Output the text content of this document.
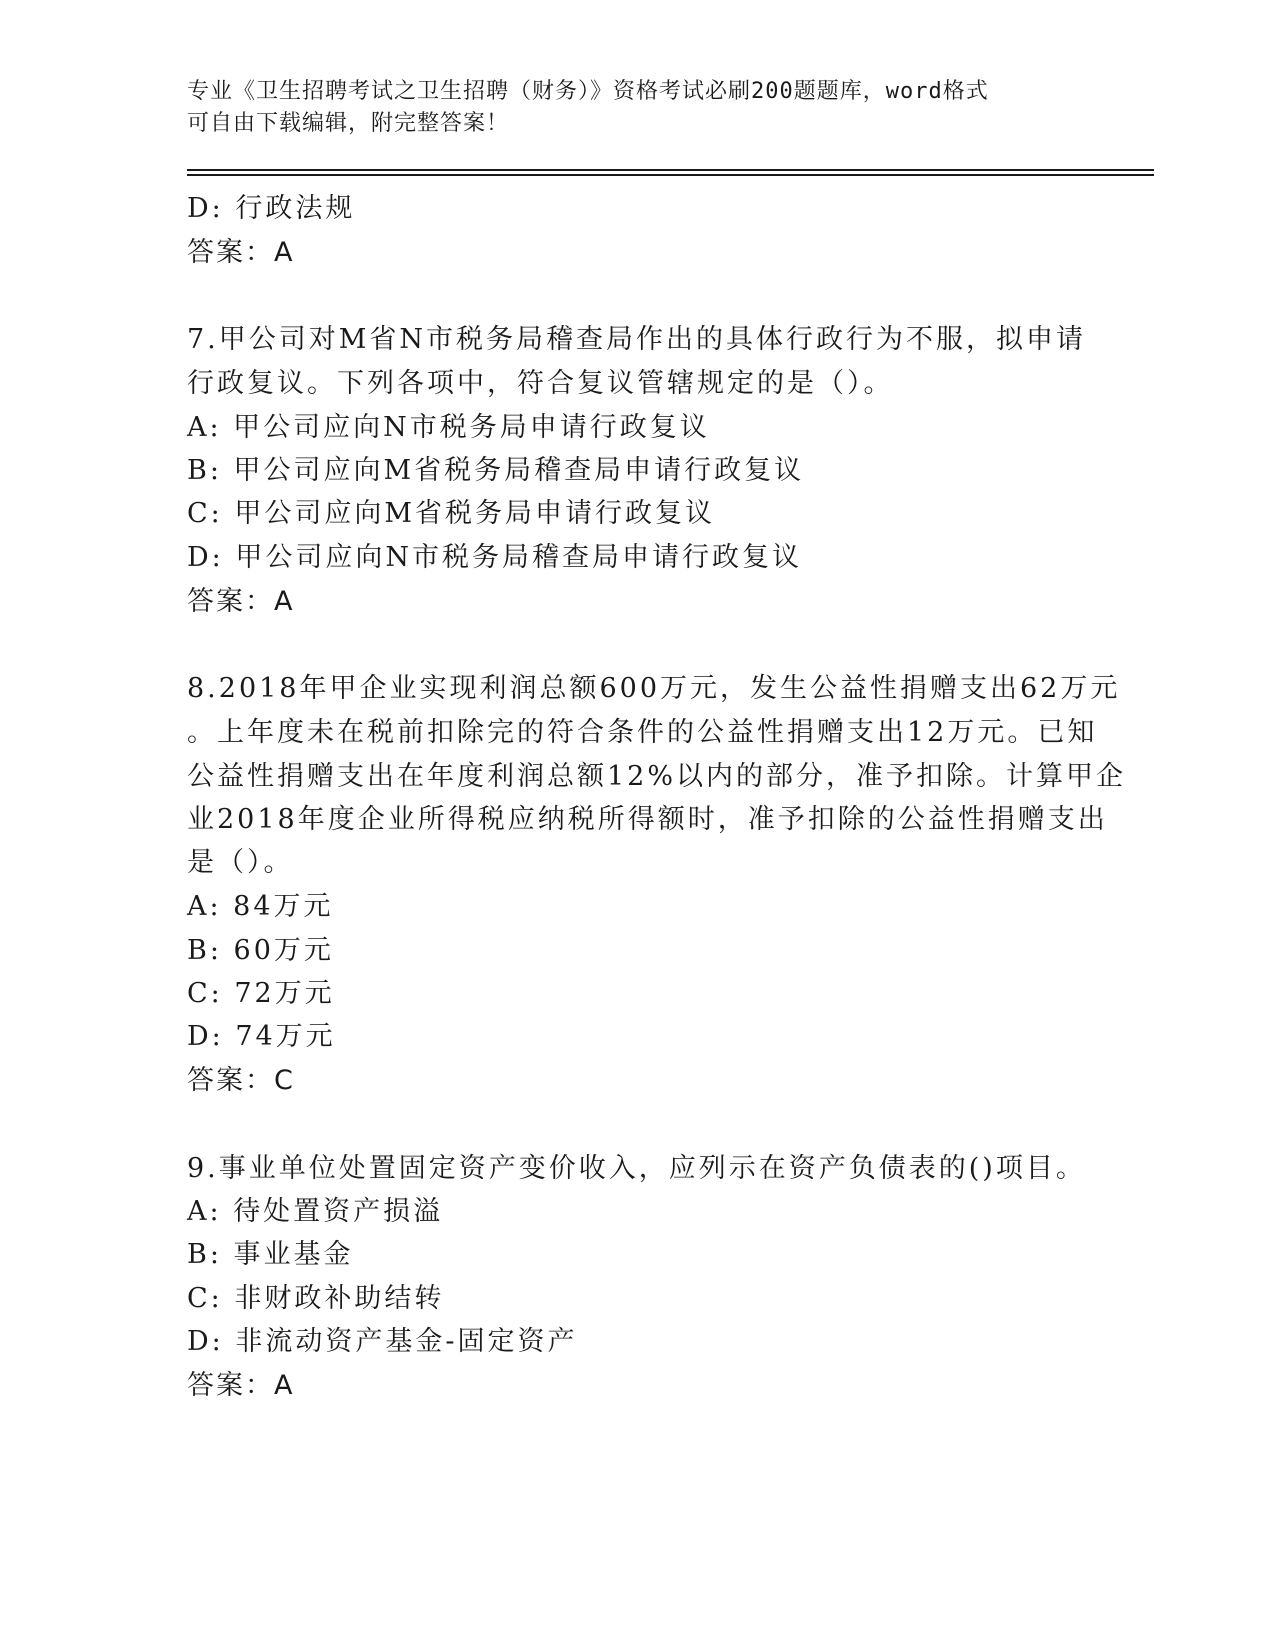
专业《卫生招聘考试之卫生招聘（财务）》资格考试必刷200题题库，word格式
可自由下载编辑，附完整答案！
D: 行政法规
答案：A
7.甲公司对M省N市税务局稽查局作出的具体行政行为不服，拟申请
行政复议。下列各项中，符合复议管辖规定的是（）。
A: 甲公司应向N市税务局申请行政复议
B: 甲公司应向M省税务局稽查局申请行政复议
C: 甲公司应向M省税务局申请行政复议
D: 甲公司应向N市税务局稽查局申请行政复议
答案：A
8.2018年甲企业实现利润总额600万元，发生公益性捐赠支出62万元
。上年度未在税前扣除完的符合条件的公益性捐赠支出12万元。已知
公益性捐赠支出在年度利润总额12%以内的部分，准予扣除。计算甲企
业2018年度企业所得税应纳税所得额时，准予扣除的公益性捐赠支出
是（）。
A: 84万元
B: 60万元
C: 72万元
D: 74万元
答案：C
9.事业单位处置固定资产变价收入，应列示在资产负债表的()项目。
A: 待处置资产损溢
B: 事业基金
C: 非财政补助结转
D: 非流动资产基金-固定资产
答案：A
